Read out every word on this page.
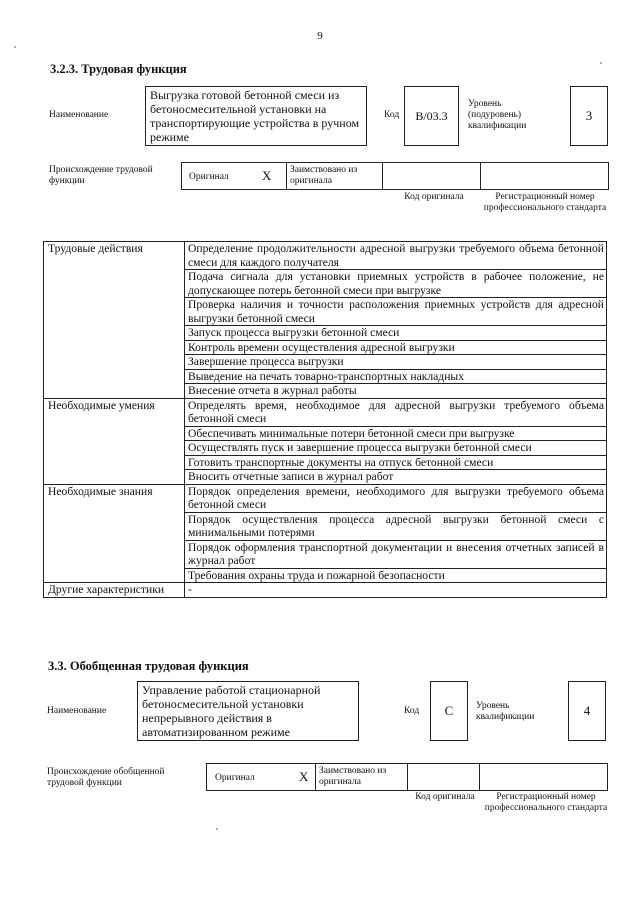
9
3.2.3. Трудовая функция
Наименование
Выгрузка готовой бетонной смеси из бетоносмесительной установки на транспортирующие устройства в ручном режиме
Код	В/03.3
Уровень (подуровень) квалификации
3
Происхождение трудовой функции	Оригинал	X Заимствовано из оригинала
Код оригинала	Регистрационный номер профессионального стандарта
Трудовые действия	Определение продолжительности адресной выгрузки требуемого объема бетонной смеси для каждого получателя
	Подача сигнала для установки приемных устройств в рабочее положение, не допускающее потерь бетонной смеси при выгрузке
	Проверка наличия и точности расположения приемных устройств для адресной выгрузки бетонной смеси
	Запуск процесса выгрузки бетонной смеси
	Контроль времени осуществления адресной выгрузки
	Завершение процесса выгрузки
	Выведение на печать товарно-транспортных накладных
	Внесение отчета в журнал работы
Необходимые умения	Определять время, необходимое для адресной выгрузки требуемого объема бетонной смеси
	Обеспечивать минимальные потери бетонной смеси при выгрузке
	Осуществлять пуск и завершение процесса выгрузки бетонной смеси
	Готовить транспортные документы на отпуск бетонной смеси
	Вносить отчетные записи в журнал работ
Необходимые знания	Порядок определения времени, необходимого для выгрузки требуемого объема бетонной смеси
	Порядок осуществления процесса адресной выгрузки бетонной смеси с минимальными потерями
	Порядок оформления транспортной документации и внесения отчетных записей в журнал работ
	Требования охраны труда и пожарной безопасности
Другие характеристики	-
3.3. Обобщенная трудовая функция
Наименование
Управление работой стационарной бетоносмесительной установки непрерывного действия в автоматизированном режиме
Код	С	Уровень квалификации	4
Происхождение обобщенной трудовой функции	Оригинал	X Заимствовано из оригинала
Код оригинала	Регистрационный номер профессионального стандарта
